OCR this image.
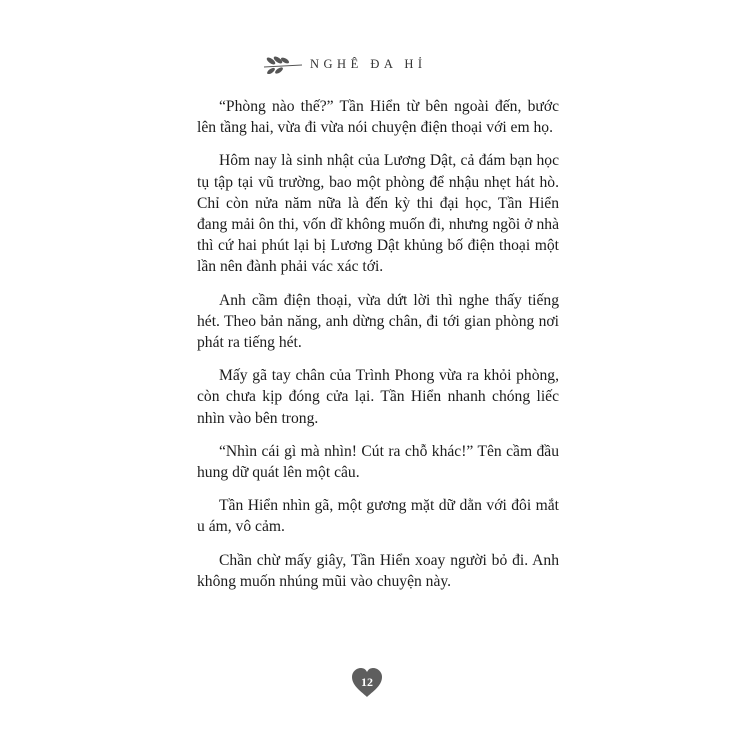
NGHÊ ĐA HỈ

“Phòng nào thế?” Tần Hiển từ bên ngoài đến, bước lên tầng hai, vừa đi vừa nói chuyện điện thoại với em họ.

Hôm nay là sinh nhật của Lương Dật, cả đám bạn học tụ tập tại vũ trường, bao một phòng để nhậu nhẹt hát hò. Chỉ còn nửa năm nữa là đến kỳ thi đại học, Tần Hiển đang mải ôn thi, vốn dĩ không muốn đi, nhưng ngồi ở nhà thì cứ hai phút lại bị Lương Dật khủng bố điện thoại một lần nên đành phải vác xác tới.

Anh cầm điện thoại, vừa dứt lời thì nghe thấy tiếng hét. Theo bản năng, anh dừng chân, đi tới gian phòng nơi phát ra tiếng hét.

Mấy gã tay chân của Trình Phong vừa ra khỏi phòng, còn chưa kịp đóng cửa lại. Tần Hiển nhanh chóng liếc nhìn vào bên trong.

“Nhìn cái gì mà nhìn! Cút ra chỗ khác!” Tên cầm đầu hung dữ quát lên một câu.

Tần Hiển nhìn gã, một gương mặt dữ dằn với đôi mắt u ám, vô cảm.

Chần chừ mấy giây, Tần Hiển xoay người bỏ đi. Anh không muốn nhúng mũi vào chuyện này.

12
